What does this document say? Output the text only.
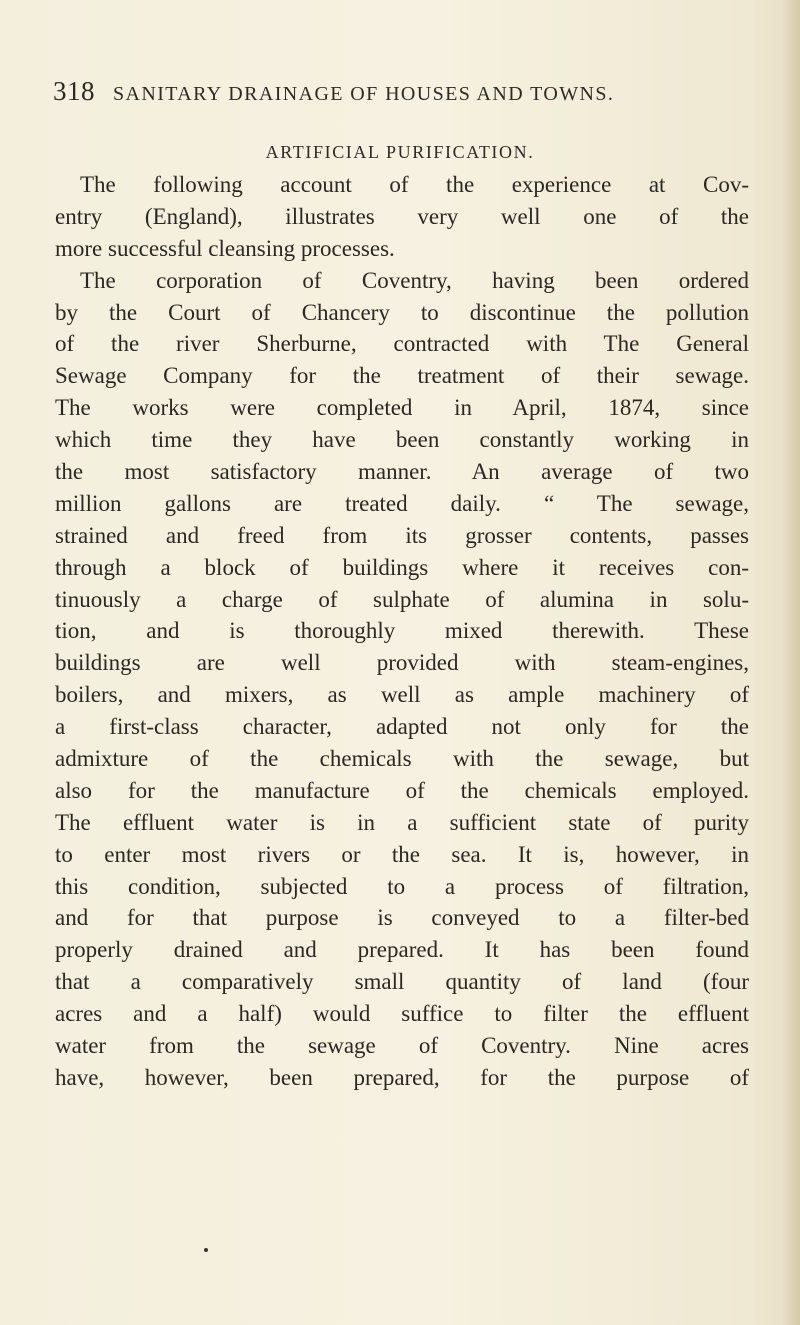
318 SANITARY DRAINAGE OF HOUSES AND TOWNS.
ARTIFICIAL PURIFICATION.
The following account of the experience at Cov-
entry (England), illustrates very well one of the
more successful cleansing processes.
The corporation of Coventry, having been ordered
by the Court of Chancery to discontinue the pollution
of the river Sherburne, contracted with The General
Sewage Company for the treatment of their sewage.
The works were completed in April, 1874, since
which time they have been constantly working in
the most satisfactory manner. An average of two
million gallons are treated daily. “ The sewage,
strained and freed from its grosser contents, passes
through a block of buildings where it receives con-
tinuously a charge of sulphate of alumina in solu-
tion, and is thoroughly mixed therewith. These
buildings are well provided with steam-engines,
boilers, and mixers, as well as ample machinery of
a first-class character, adapted not only for the
admixture of the chemicals with the sewage, but
also for the manufacture of the chemicals employed.
The effluent water is in a sufficient state of purity
to enter most rivers or the sea. It is, however, in
this condition, subjected to a process of filtration,
and for that purpose is conveyed to a filter-bed
properly drained and prepared. It has been found
that a comparatively small quantity of land (four
acres and a half) would suffice to filter the effluent
water from the sewage of Coventry. Nine acres
have, however, been prepared, for the purpose of
